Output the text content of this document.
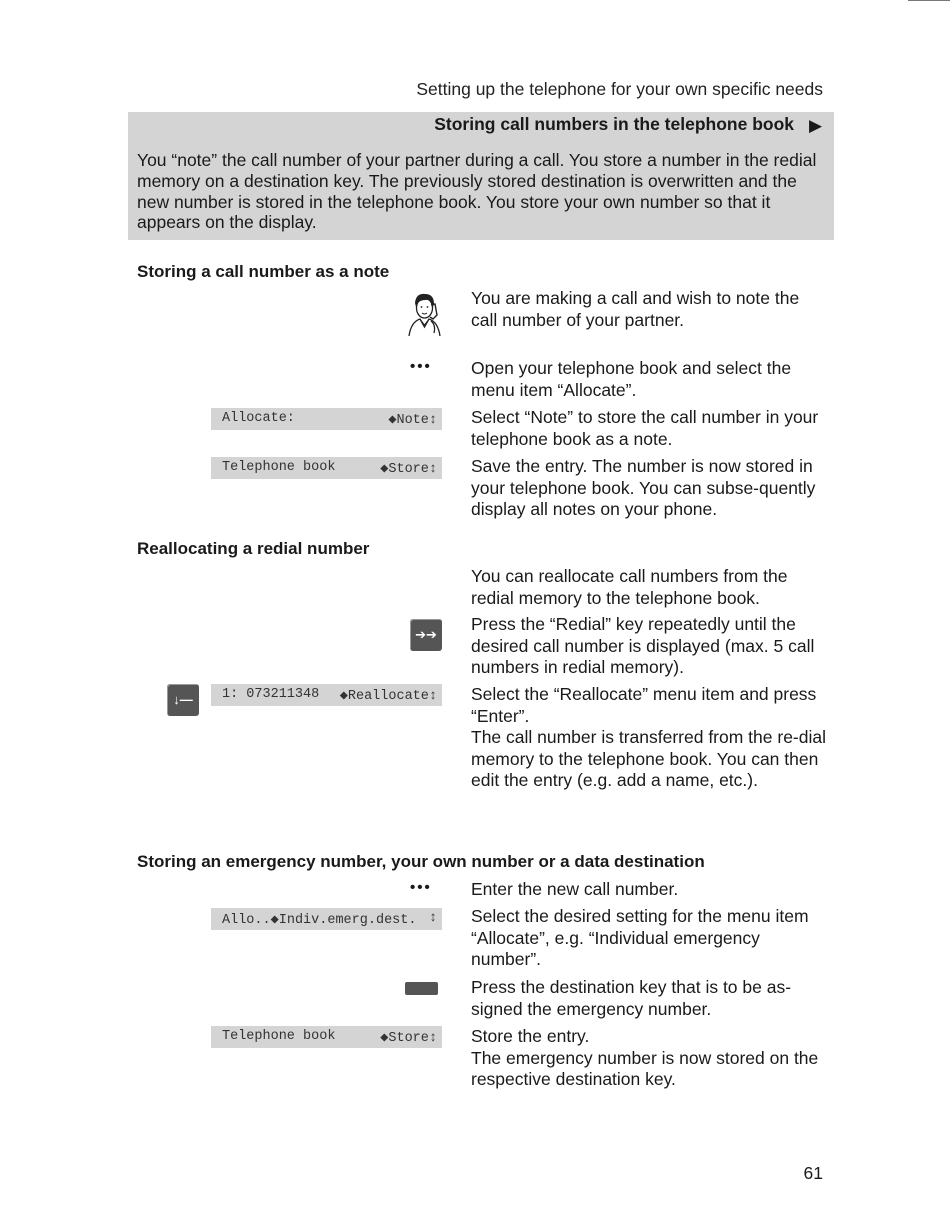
Setting up the telephone for your own specific needs
Storing call numbers in the telephone book ▶
You “note” the call number of your partner during a call. You store a number in the redial memory on a destination key. The previously stored destination is overwritten and the new number is stored in the telephone book. You store your own number so that it appears on the display.
Storing a call number as a note
You are making a call and wish to note the call number of your partner.
••• Open your telephone book and select the menu item “Allocate”.
Allocate:	◆Note↕ Select “Note” to store the call number in your telephone book as a note.
Telephone book	◆Store↕ Save the entry. The number is now stored in your telephone book. You can subse-quently display all notes on your phone.
Reallocating a redial number
You can reallocate call numbers from the redial memory to the telephone book.
➔➔
Press the “Redial” key repeatedly until the desired call number is displayed (max. 5 call numbers in redial memory).
↓—	1: 073211348 ◆Reallocate↕ Select the “Reallocate” menu item and press “Enter”.
The call number is transferred from the re-dial memory to the telephone book. You can then edit the entry (e.g. add a name, etc.).
Storing an emergency number, your own number or a data destination
••• Enter the new call number.
Allo..◆Indiv.emerg.dest. ↕ Select the desired setting for the menu item “Allocate”, e.g. “Individual emergency number”.
Press the destination key that is to be as-signed the emergency number.
Telephone book	◆Store↕ Store the entry.
The emergency number is now stored on the respective destination key.
61
